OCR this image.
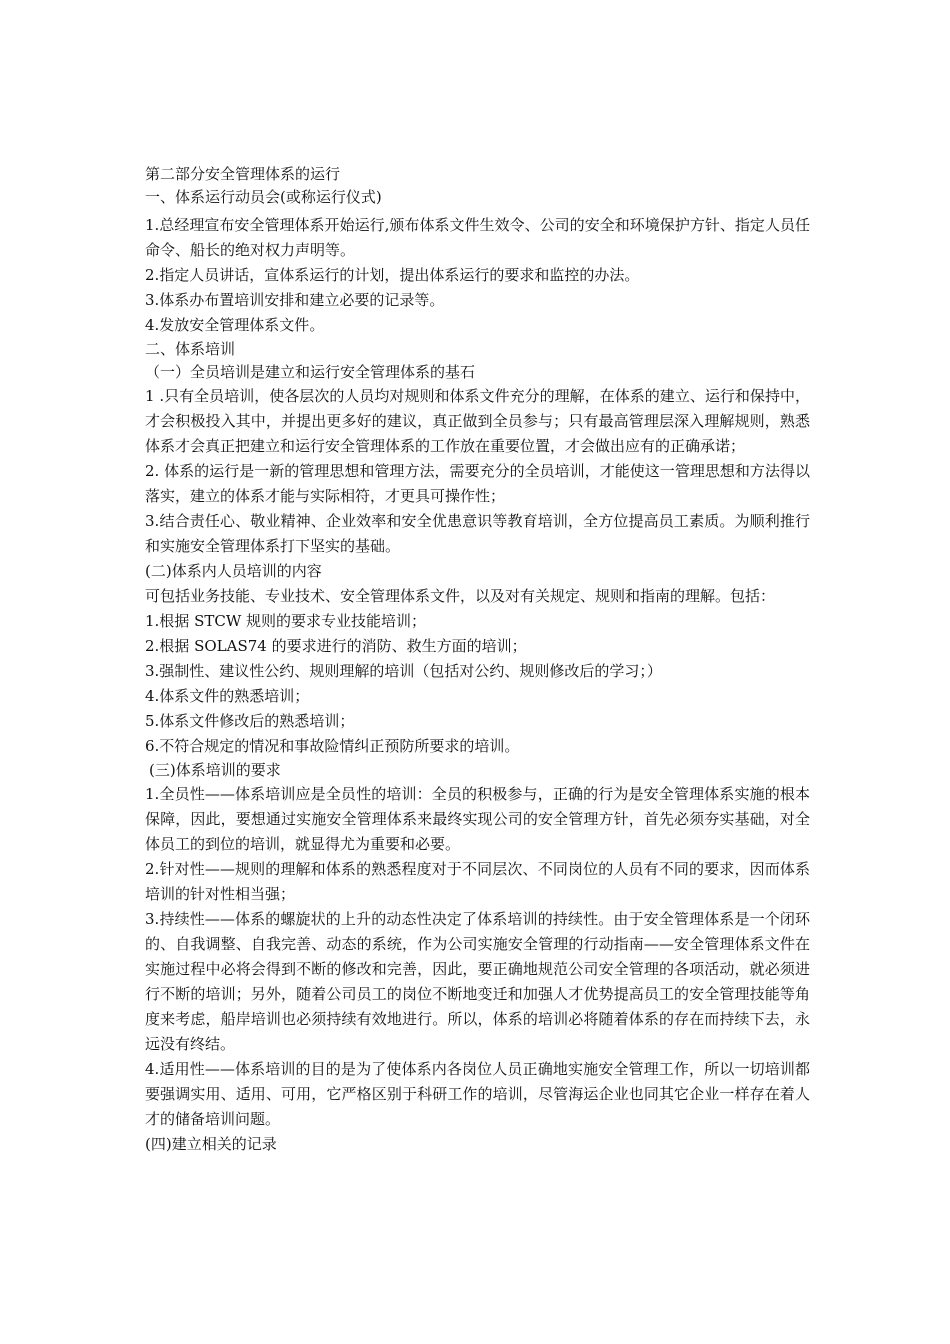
第二部分安全管理体系的运行

一、体系运行动员会(或称运行仪式)

1.总经理宣布安全管理体系开始运行,颁布体系文件生效令、公司的安全和环境保护方针、指定人员任命令、船长的绝对权力声明等。

2.指定人员讲话，宣体系运行的计划，提出体系运行的要求和监控的办法。

3.体系办布置培训安排和建立必要的记录等。

4.发放安全管理体系文件。

二、体系培训

（一）全员培训是建立和运行安全管理体系的基石

1 .只有全员培训，使各层次的人员均对规则和体系文件充分的理解，在体系的建立、运行和保持中，才会积极投入其中，并提出更多好的建议，真正做到全员参与；只有最高管理层深入理解规则，熟悉体系才会真正把建立和运行安全管理体系的工作放在重要位置，才会做出应有的正确承诺；

2. 体系的运行是一新的管理思想和管理方法，需要充分的全员培训，才能使这一管理思想和方法得以落实，建立的体系才能与实际相符，才更具可操作性；

3.结合责任心、敬业精神、企业效率和安全优患意识等教育培训，全方位提高员工素质。为顺利推行和实施安全管理体系打下坚实的基础。

(二)体系内人员培训的内容

可包括业务技能、专业技术、安全管理体系文件，以及对有关规定、规则和指南的理解。包括：

1.根据 STCW 规则的要求专业技能培训；

2.根据 SOLAS74 的要求进行的消防、救生方面的培训；

3.强制性、建议性公约、规则理解的培训（包括对公约、规则修改后的学习；）

4.体系文件的熟悉培训；

5.体系文件修改后的熟悉培训；

6.不符合规定的情况和事故险情纠正预防所要求的培训。

(三)体系培训的要求

1.全员性——体系培训应是全员性的培训：全员的积极参与，正确的行为是安全管理体系实施的根本保障，因此，要想通过实施安全管理体系来最终实现公司的安全管理方针，首先必须夯实基础，对全体员工的到位的培训，就显得尤为重要和必要。

2.针对性——规则的理解和体系的熟悉程度对于不同层次、不同岗位的人员有不同的要求，因而体系培训的针对性相当强；

3.持续性——体系的螺旋状的上升的动态性决定了体系培训的持续性。由于安全管理体系是一个闭环的、自我调整、自我完善、动态的系统，作为公司实施安全管理的行动指南——安全管理体系文件在实施过程中必将会得到不断的修改和完善，因此，要正确地规范公司安全管理的各项活动，就必须进行不断的培训；另外，随着公司员工的岗位不断地变迁和加强人才优势提高员工的安全管理技能等角度来考虑，船岸培训也必须持续有效地进行。所以，体系的培训必将随着体系的存在而持续下去，永远没有终结。

4.适用性——体系培训的目的是为了使体系内各岗位人员正确地实施安全管理工作，所以一切培训都要强调实用、适用、可用，它严格区别于科研工作的培训，尽管海运企业也同其它企业一样存在着人才的储备培训问题。

(四)建立相关的记录
